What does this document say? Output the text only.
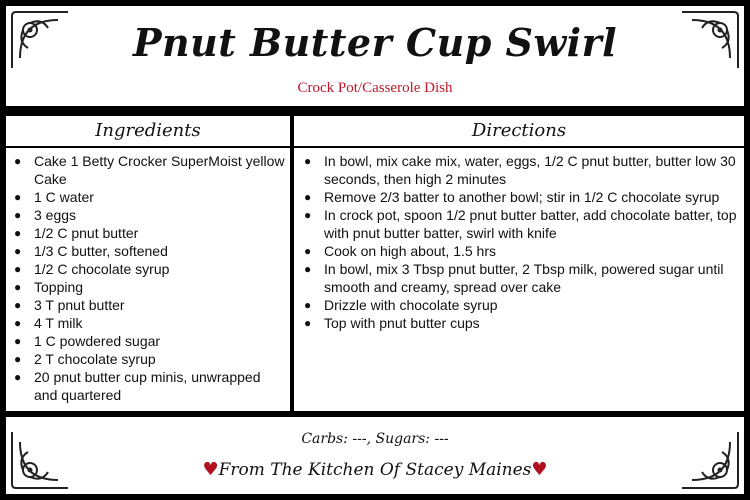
Pnut Butter Cup Swirl
Crock Pot/Casserole Dish
Ingredients	Directions
● Cake 1 Betty Crocker SuperMoist yellow Cake
● 1 C water
● 3 eggs
● 1/2 C pnut butter
● 1/3 C butter, softened
● 1/2 C chocolate syrup
● Topping
● 3 T pnut butter
● 4 T milk
● 1 C powdered sugar
● 2 T chocolate syrup
● 20 pnut butter cup minis, unwrapped and quartered
● In bowl, mix cake mix, water, eggs, 1/2 C pnut butter, butter low 30 seconds, then high 2 minutes
● Remove 2/3 batter to another bowl; stir in 1/2 C chocolate syrup
● In crock pot, spoon 1/2 pnut butter batter, add chocolate batter, top with pnut butter batter, swirl with knife
● Cook on high about, 1.5 hrs
● In bowl, mix 3 Tbsp pnut butter, 2 Tbsp milk, powered sugar until smooth and creamy, spread over cake
● Drizzle with chocolate syrup
● Top with pnut butter cups
Carbs: ---, Sugars: ---
♥From The Kitchen Of Stacey Maines♥
